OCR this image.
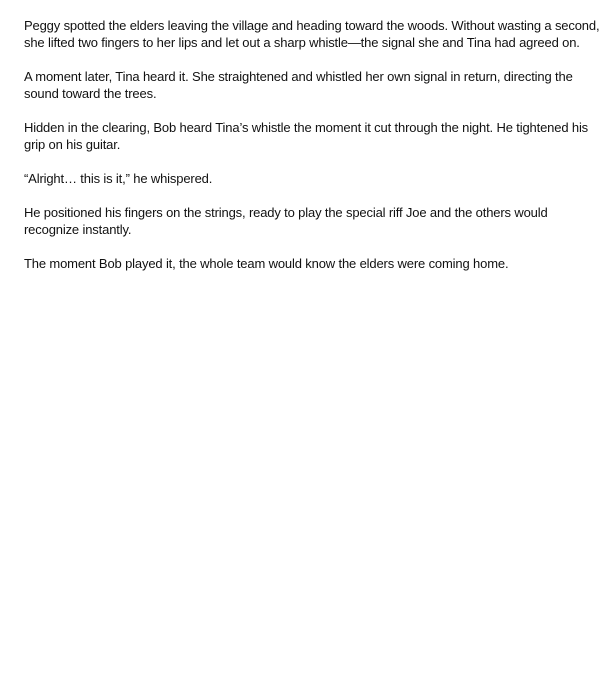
Peggy spotted the elders leaving the village and heading toward the woods. Without wasting a second,
she lifted two fingers to her lips and let out a sharp whistle—the signal she and Tina had agreed on.

A moment later, Tina heard it. She straightened and whistled her own signal in return, directing the
sound toward the trees.

Hidden in the clearing, Bob heard Tina’s whistle the moment it cut through the night. He tightened his
grip on his guitar.

“Alright… this is it,” he whispered.

He positioned his fingers on the strings, ready to play the special riff Joe and the others would
recognize instantly.

The moment Bob played it, the whole team would know the elders were coming home.
